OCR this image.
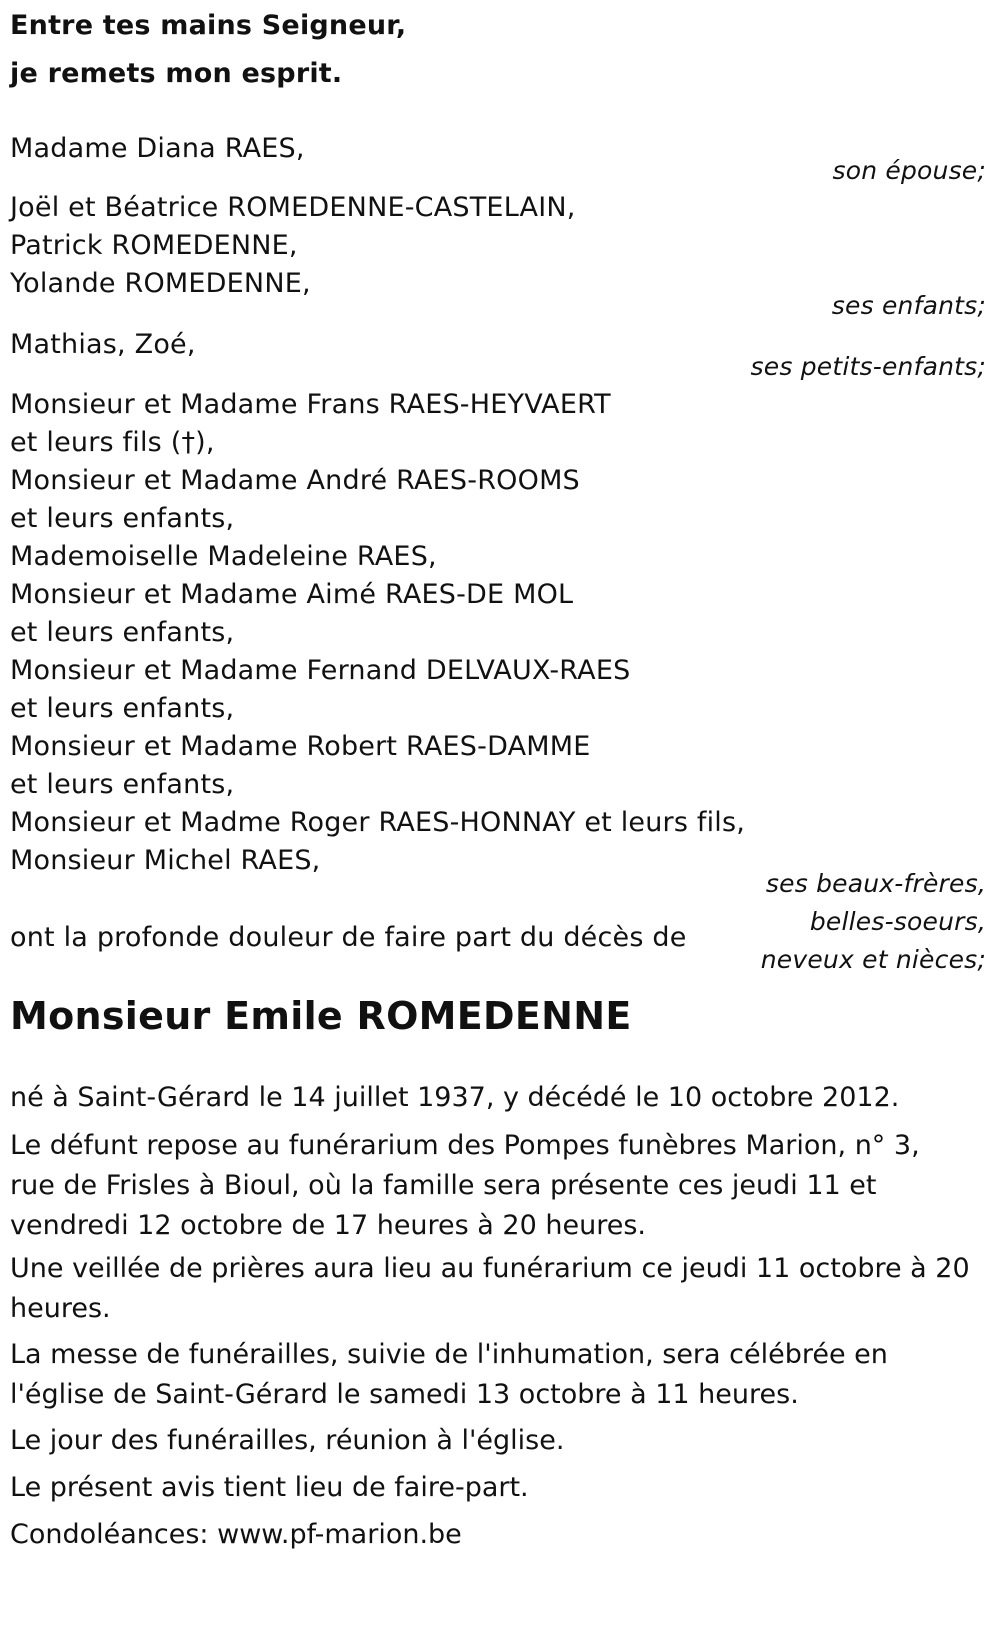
Entre tes mains Seigneur,
je remets mon esprit.
Madame Diana RAES,
son épouse;
Joël et Béatrice ROMEDENNE-CASTELAIN,
Patrick ROMEDENNE,
Yolande ROMEDENNE,
ses enfants;
Mathias, Zoé,
ses petits-enfants;
Monsieur et Madame Frans RAES-HEYVAERT
et leurs fils (†),
Monsieur et Madame André RAES-ROOMS
et leurs enfants,
Mademoiselle Madeleine RAES,
Monsieur et Madame Aimé RAES-DE MOL
et leurs enfants,
Monsieur et Madame Fernand DELVAUX-RAES
et leurs enfants,
Monsieur et Madame Robert RAES-DAMME
et leurs enfants,
Monsieur et Madme Roger RAES-HONNAY et leurs fils,
Monsieur Michel RAES,
ses beaux-frères,
belles-soeurs,
neveux et nièces;
ont la profonde douleur de faire part du décès de
Monsieur Emile ROMEDENNE
né à Saint-Gérard le 14 juillet 1937, y décédé le 10 octobre 2012.
Le défunt repose au funérarium des Pompes funèbres Marion, n° 3, rue de Frisles à Bioul, où la famille sera présente ces jeudi 11 et vendredi 12 octobre de 17 heures à 20 heures.
Une veillée de prières aura lieu au funérarium ce jeudi 11 octobre à 20 heures.
La messe de funérailles, suivie de l'inhumation, sera célébrée en l'église de Saint-Gérard le samedi 13 octobre à 11 heures.
Le jour des funérailles, réunion à l'église.
Le présent avis tient lieu de faire-part.
Condoléances: www.pf-marion.be
